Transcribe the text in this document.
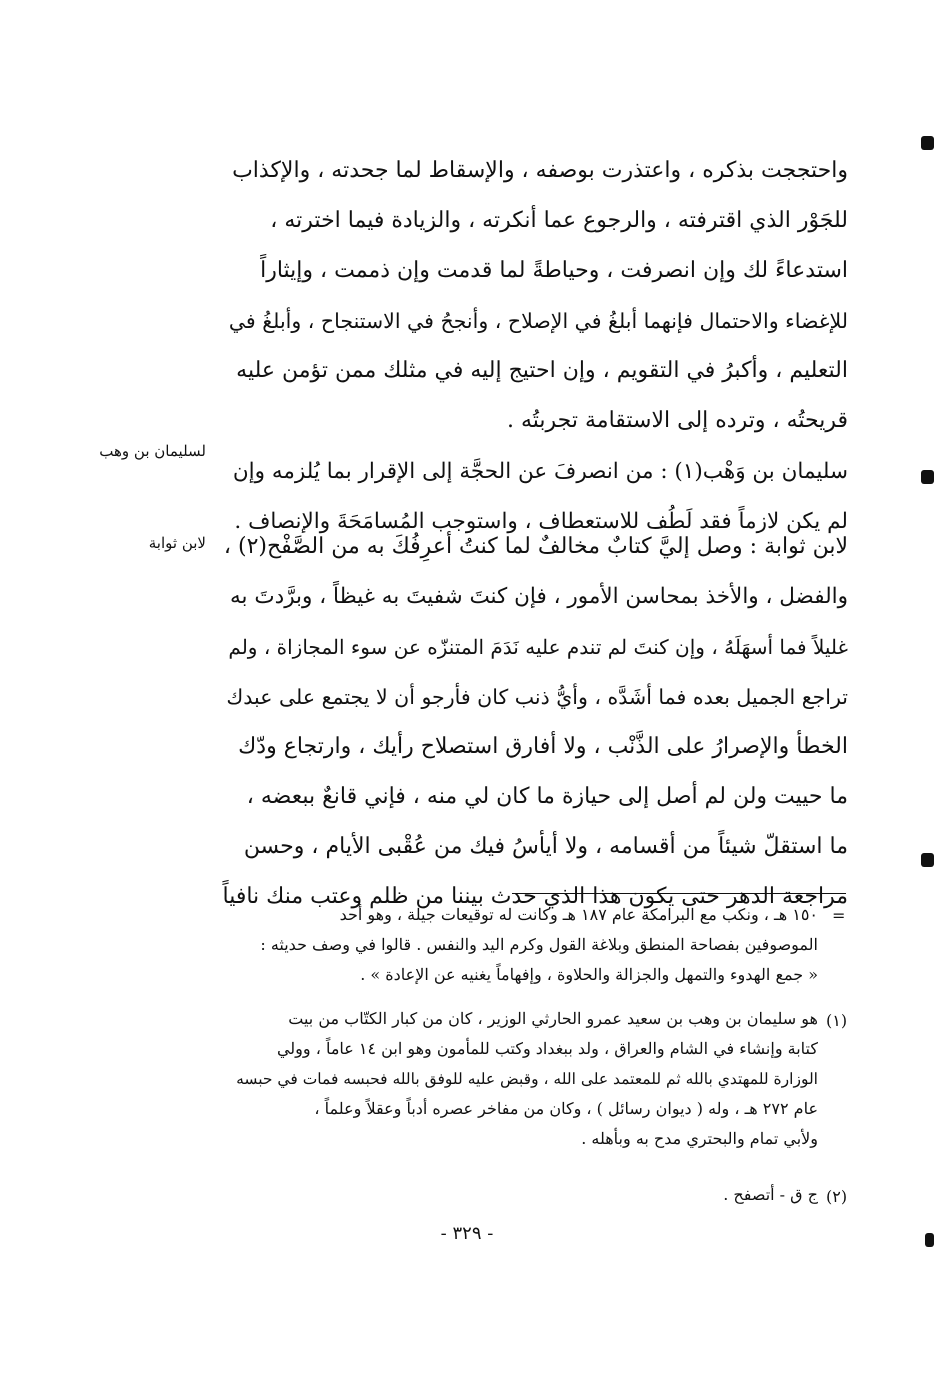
واحتججت بذكره ، واعتذرت بوصفه ، والإسقاط لما جحدته ، والإكذاب
للجَوْر الذي اقترفته ، والرجوع عما أنكرته ، والزيادة فيما اخترته ،
استدعاءً لك وإن انصرفت ، وحياطةً لما قدمت وإن ذممت ، وإيثاراً
للإغضاء والاحتمال فإنهما أبلغُ في الإصلاح ، وأنجحُ في الاستنجاح ، وأبلغُ في
التعليم ، وأكبرُ في التقويم ، وإن احتيج إليه في مثلك ممن تؤمن عليه
قريحتُه ، وترده إلى الاستقامة تجربتُه .
سليمان بن وَهْب(١) : من انصرفَ عن الحجَّة إلى الإقرار بما يُلزمه وإن
لم يكن لازماً فقد لَطُف للاستعطاف ، واستوجب المُسامَحَةَ والإنصاف .
لسليمان بن وهب
لابن ثوابة : وصل إليَّ كتابٌ مخالفٌ لما كنتُ أعرِفُكَ به من الصَّفْح(٢) ،
والفضل ، والأخذ بمحاسن الأمور ، فإن كنتَ شفيتَ به غيظاً ، وبرَّدتَ به
غليلاً فما أسهَلَهُ ، وإن كنتَ لم تندم عليه نَدَمَ المتنزّه عن سوء المجازاة ، ولم
تراجع الجميل بعده فما أشَدَّه ، وأيُّ ذنب كان فأرجو أن لا يجتمع على عبدك
الخطأ والإصرارُ على الذَّنْب ، ولا أفارق استصلاح رأيك ، وارتجاع ودّك
ما حييت ولن لم أصل إلى حيازة ما كان لي منه ، فإني قانعٌ ببعضه ،
ما استقلّ شيئاً من أقسامه ، ولا أيأسُ فيك من عُقْبى الأيام ، وحسن
مراجعة الدهر حتى يكون هذا الذي حدث بيننا من ظلم وعتب منك نافياً
لابن ثوابة
=
١٥٠ هـ ، ونكب مع البرامكة عام ١٨٧ هـ وكانت له توقيعات جيلة ، وهو أحد
الموصوفين بفصاحة المنطق وبلاغة القول وكرم اليد والنفس . قالوا في وصف حديثه :
« جمع الهدوء والتمهل والجزالة والحلاوة ، وإفهاماً يغنيه عن الإعادة » .
(١)
هو سليمان بن وهب بن سعيد عمرو الحارثي الوزير ، كان من كبار الكتّاب من بيت
كتابة وإنشاء في الشام والعراق ، ولد ببغداد وكتب للمأمون وهو ابن ١٤ عاماً ، وولي
الوزارة للمهتدي بالله ثم للمعتمد على الله ، وقبض عليه للوفق بالله فحبسه فمات في حبسه
عام ٢٧٢ هـ ، وله ( ديوان رسائل ) ، وكان من مفاخر عصره أدباً وعقلاً وعلماً ،
ولأبي تمام والبحتري مدح به وبأهله .
(٢)
ج ق - أتصفح .
- ٣٢٩ -
